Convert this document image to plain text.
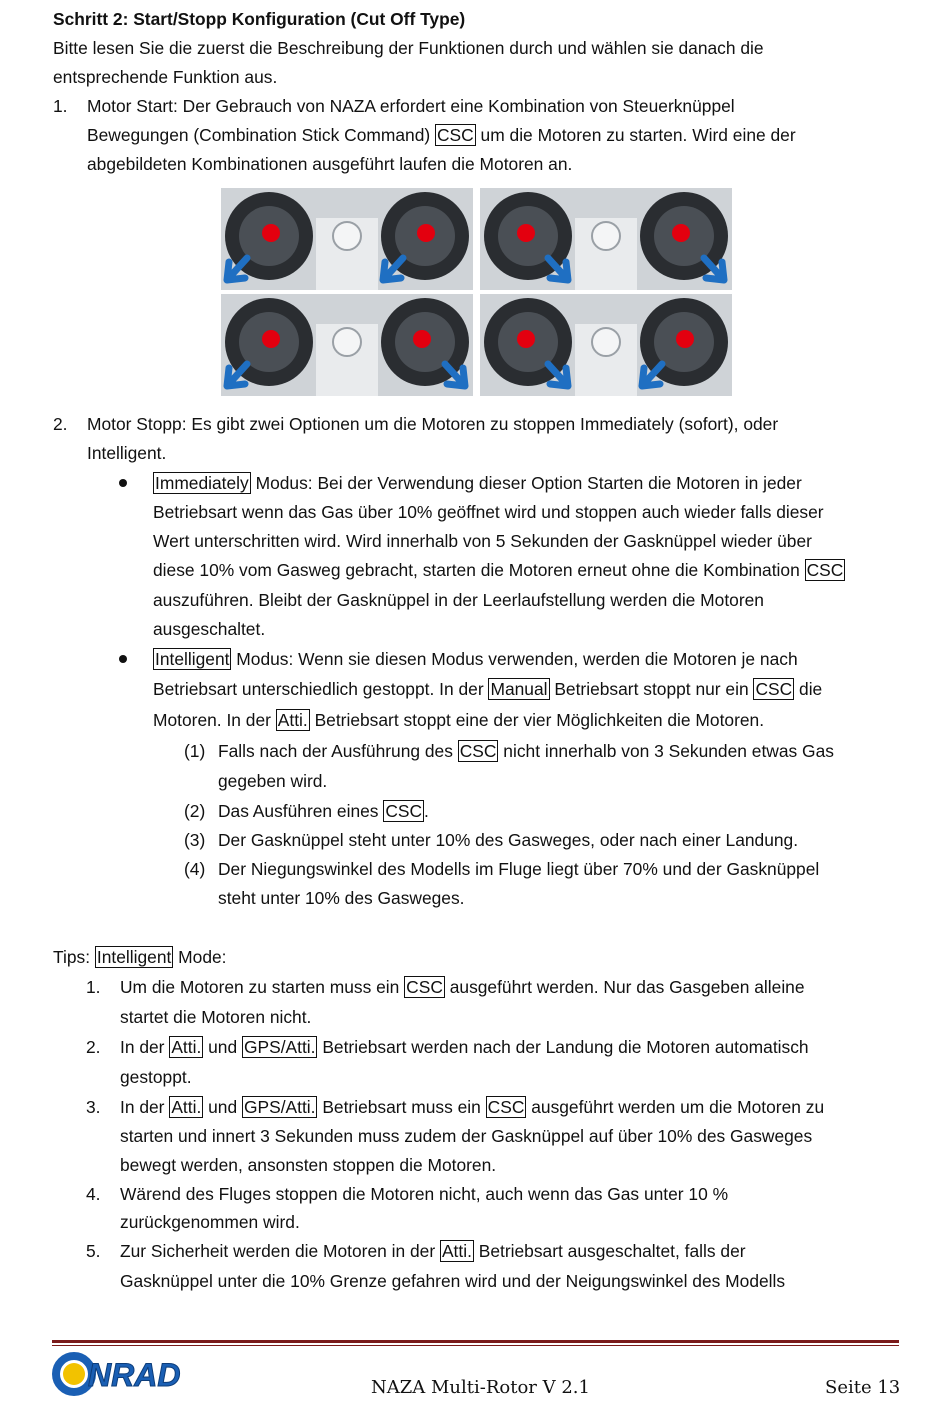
Schritt 2: Start/Stopp Konfiguration (Cut Off Type)
Bitte lesen Sie die zuerst die Beschreibung der Funktionen durch und wählen sie danach die
entsprechende Funktion aus.
1. Motor Start: Der Gebrauch von NAZA erfordert eine Kombination von Steuerknüppel
Bewegungen (Combination Stick Command) CSC um die Motoren zu starten. Wird eine der
abgebildeten Kombinationen ausgeführt laufen die Motoren an.
2. Motor Stopp: Es gibt zwei Optionen um die Motoren zu stoppen Immediately (sofort), oder
Intelligent.
Immediately Modus: Bei der Verwendung dieser Option Starten die Motoren in jeder
Betriebsart wenn das Gas über 10% geöffnet wird und stoppen auch wieder falls dieser
Wert unterschritten wird. Wird innerhalb von 5 Sekunden der Gasknüppel wieder über
diese 10% vom Gasweg gebracht, starten die Motoren erneut ohne die Kombination CSC
auszuführen. Bleibt der Gasknüppel in der Leerlaufstellung werden die Motoren
ausgeschaltet.
Intelligent Modus: Wenn sie diesen Modus verwenden, werden die Motoren je nach
Betriebsart unterschiedlich gestoppt. In der Manual Betriebsart stoppt nur ein CSC die
Motoren. In der Atti. Betriebsart stoppt eine der vier Möglichkeiten die Motoren.
(1) Falls nach der Ausführung des CSC nicht innerhalb von 3 Sekunden etwas Gas
gegeben wird.
(2) Das Ausführen eines CSC .
(3) Der Gasknüppel steht unter 10% des Gasweges, oder nach einer Landung.
(4) Der Niegungswinkel des Modells im Fluge liegt über 70% und der Gasknüppel
steht unter 10% des Gasweges.
Tips: Intelligent Mode:
1. Um die Motoren zu starten muss ein CSC ausgeführt werden. Nur das Gasgeben alleine
startet die Motoren nicht.
2. In der Atti. und GPS/Atti. Betriebsart werden nach der Landung die Motoren automatisch
gestoppt.
3. In der Atti. und GPS/Atti. Betriebsart muss ein CSC ausgeführt werden um die Motoren zu
starten und innert 3 Sekunden muss zudem der Gasknüppel auf über 10% des Gasweges
bewegt werden, ansonsten stoppen die Motoren.
4. Wärend des Fluges stoppen die Motoren nicht, auch wenn das Gas unter 10 %
zurückgenommen wird.
5. Zur Sicherheit werden die Motoren in der Atti. Betriebsart ausgeschaltet, falls der
Gasknüppel unter die 10% Grenze gefahren wird und der Neigungswinkel des Modells
NRAD	NAZA Multi-Rotor V 2.1	Seite 13
